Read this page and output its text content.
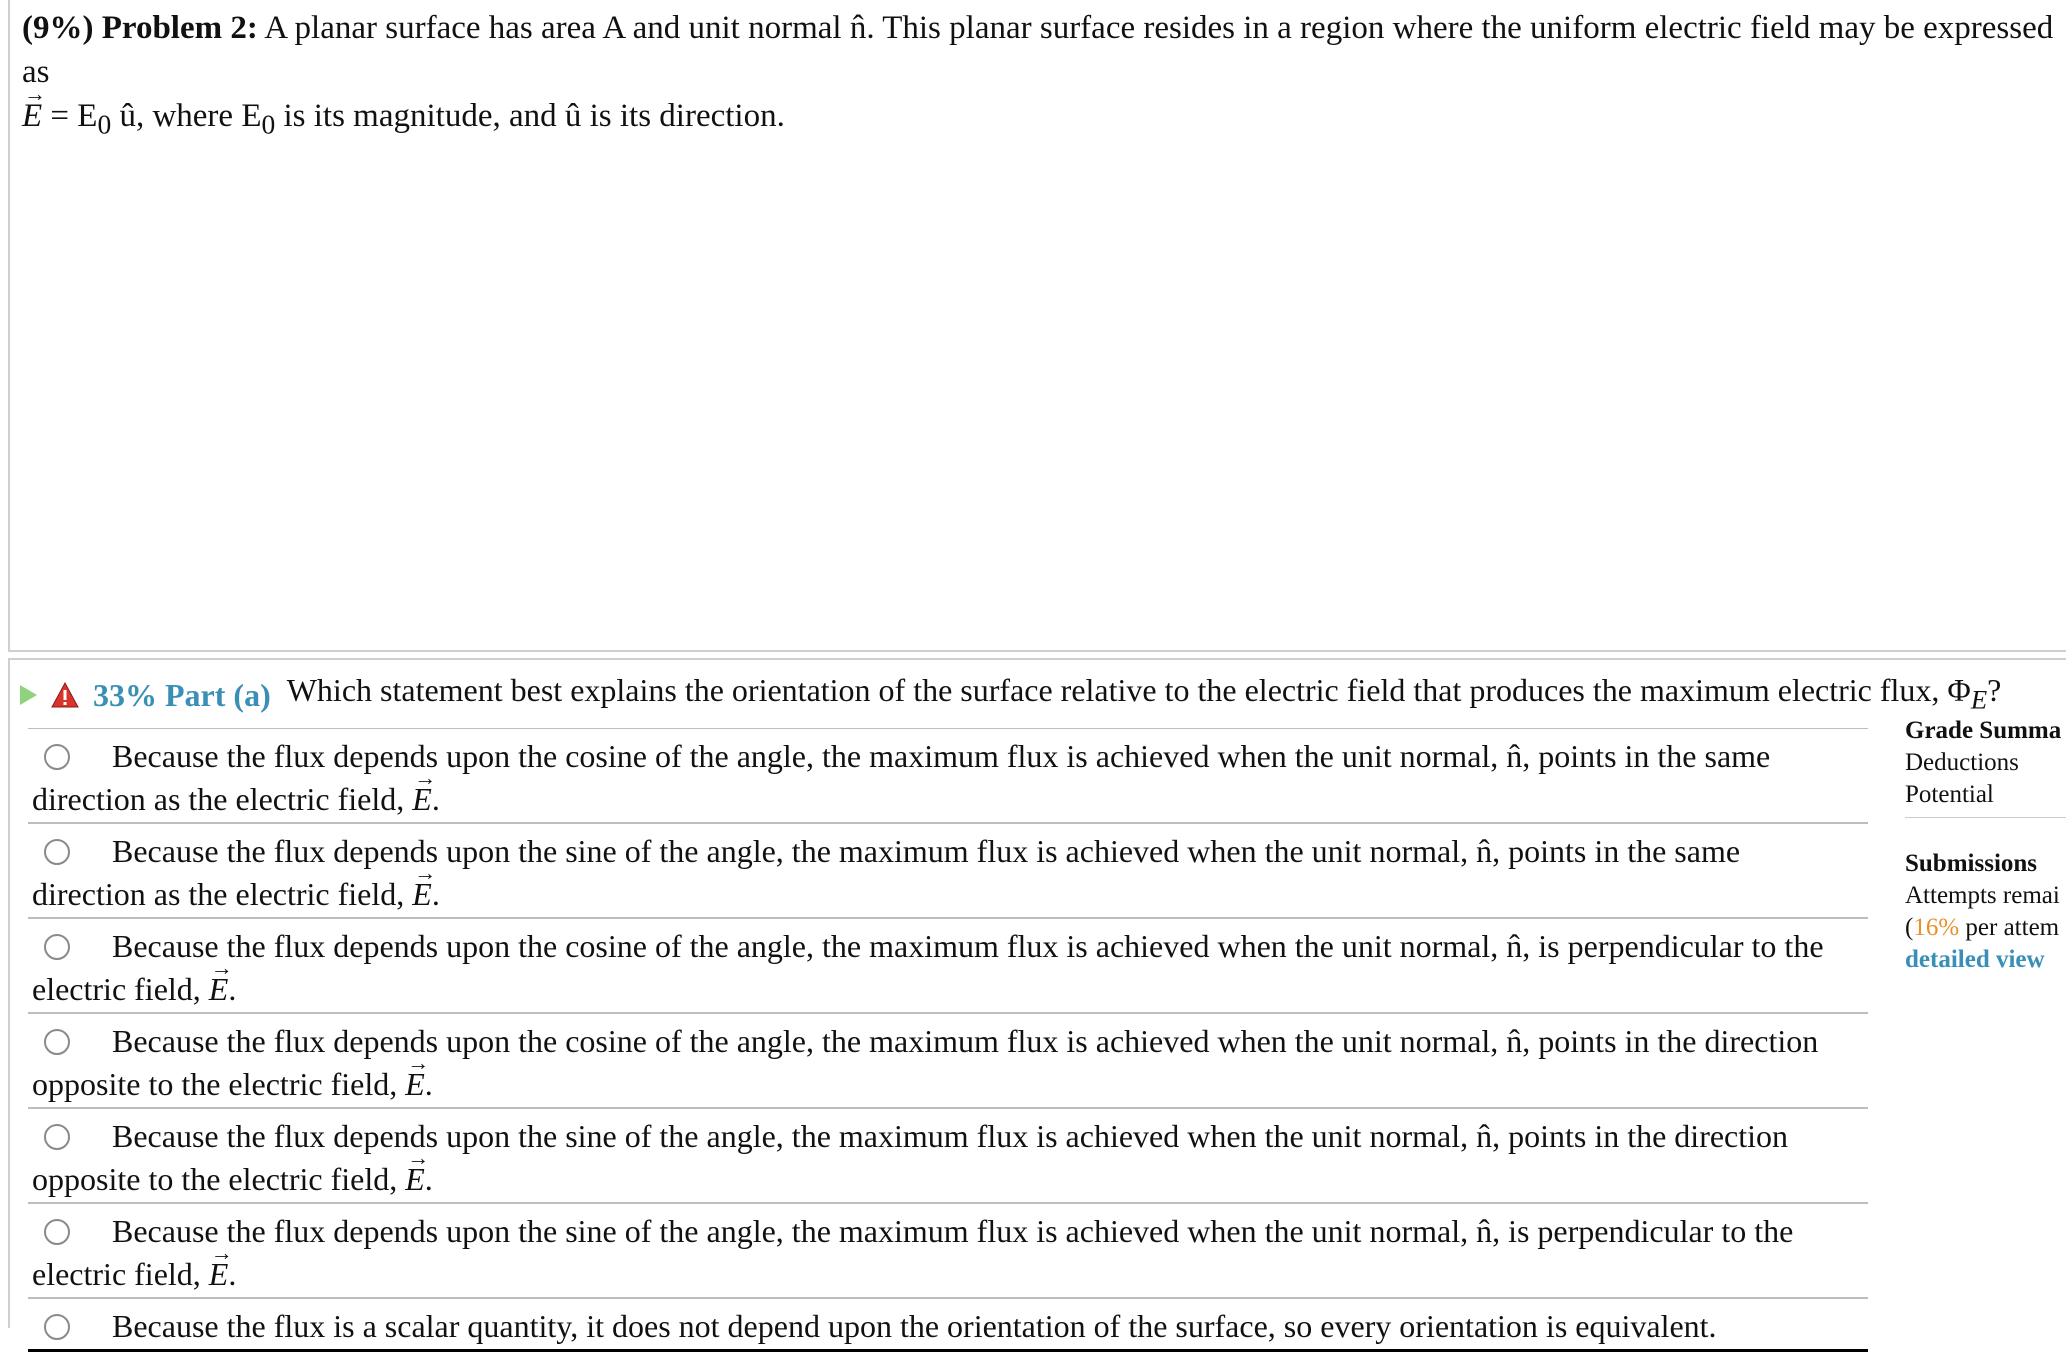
(9%) Problem 2: A planar surface has area A and unit normal n̂. This planar surface resides in a region where the uniform electric field may be expressed as
→ $E = E_0$ û, where $E_0$ is its magnitude, and û is its direction.
33% Part (a) Which statement best explains the orientation of the surface relative to the electric field that produces the maximum electric flux, $\Phi_E$?
Because the flux depends upon the cosine of the angle, the maximum flux is achieved when the unit normal, n̂, points in the same direction as the electric field, → E.
Because the flux depends upon the sine of the angle, the maximum flux is achieved when the unit normal, n̂, points in the same direction as the electric field, → E.
Because the flux depends upon the cosine of the angle, the maximum flux is achieved when the unit normal, n̂, is perpendicular to the electric field, → E.
Because the flux depends upon the cosine of the angle, the maximum flux is achieved when the unit normal, n̂, points in the direction opposite to the electric field, → E.
Because the flux depends upon the sine of the angle, the maximum flux is achieved when the unit normal, n̂, points in the direction opposite to the electric field, → E.
Because the flux depends upon the sine of the angle, the maximum flux is achieved when the unit normal, n̂, is perpendicular to the electric field, → E.
Because the flux is a scalar quantity, it does not depend upon the orientation of the surface, so every orientation is equivalent.
Grade Summa
Deductions
Potential
Submissions
Attempts remai
(16% per attem
detailed view
